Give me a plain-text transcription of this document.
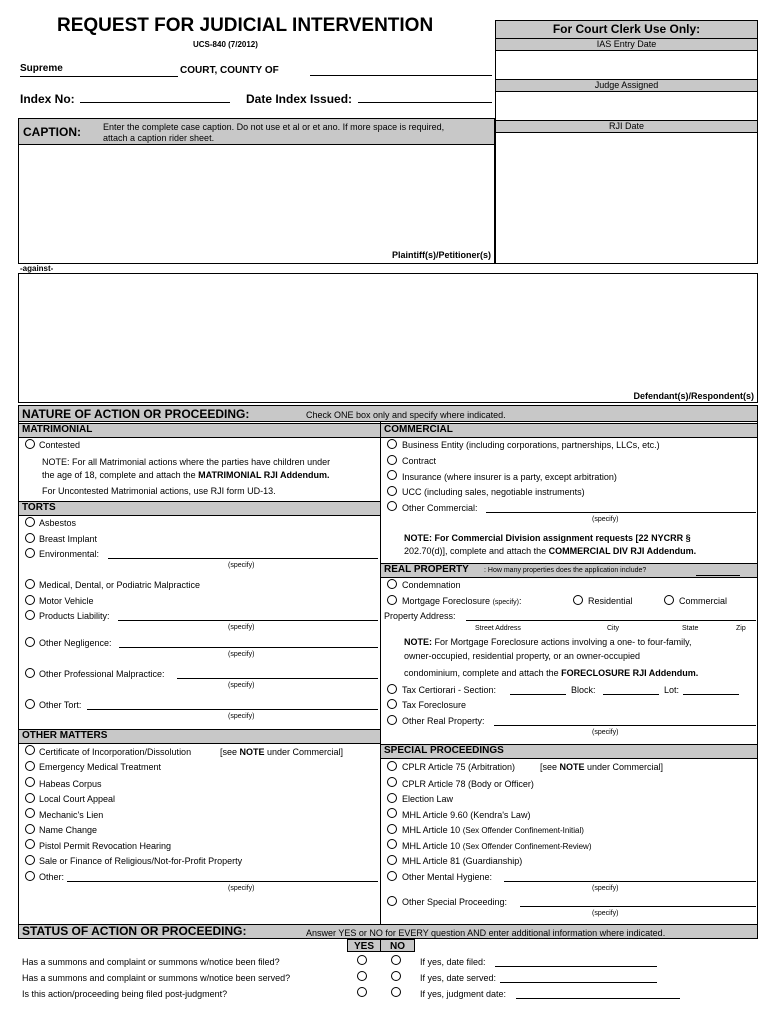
REQUEST FOR JUDICIAL INTERVENTION
UCS-840 (7/2012)
Supreme	COURT, COUNTY OF
Index No:	Date Index Issued:
For Court Clerk Use Only:
IAS Entry Date
Judge Assigned
RJI Date
CAPTION: Enter the complete case caption. Do not use et al or et ano. If more space is required,
attach a caption rider sheet.
Plaintiff(s)/Petitioner(s)
-against-
Defendant(s)/Respondent(s)
NATURE OF ACTION OR PROCEEDING:	Check ONE box only and specify where indicated.
MATRIMONIAL	COMMERCIAL
Contested
NOTE: For all Matrimonial actions where the parties have children under
the age of 18, complete and attach the MATRIMONIAL RJI Addendum.
For Uncontested Matrimonial actions, use RJI form UD-13.
TORTS
Asbestos
Breast Implant
Environmental:
(specify)
Medical, Dental, or Podiatric Malpractice
Motor Vehicle
Products Liability:
(specify)
Other Negligence:
(specify)
Other Professional Malpractice:
(specify)
Other Tort:
(specify)
OTHER MATTERS
Certificate of Incorporation/Dissolution	[see NOTE under Commercial]
Emergency Medical Treatment
Habeas Corpus
Local Court Appeal
Mechanic's Lien
Name Change
Pistol Permit Revocation Hearing
Sale or Finance of Religious/Not-for-Profit Property
Other:
(specify)
Business Entity (including corporations, partnerships, LLCs, etc.)
Contract
Insurance (where insurer is a party, except arbitration)
UCC (including sales, negotiable instruments)
Other Commercial:
(specify)
NOTE: For Commercial Division assignment requests [22 NYCRR §
202.70(d)], complete and attach the COMMERCIAL DIV RJI Addendum.
REAL PROPERTY : How many properties does the application include?
Condemnation
Mortgage Foreclosure (specify):	Residential	Commercial
Property Address:
Street Address	City	State	Zip
NOTE: For Mortgage Foreclosure actions involving a one- to four-family,
owner-occupied, residential property, or an owner-occupied
condominium, complete and attach the FORECLOSURE RJI Addendum.
Tax Certiorari - Section:	Block:	Lot:
Tax Foreclosure
Other Real Property:
(specify)
SPECIAL PROCEEDINGS
CPLR Article 75 (Arbitration)	[see NOTE under Commercial]
CPLR Article 78 (Body or Officer)
Election Law
MHL Article 9.60 (Kendra's Law)
MHL Article 10 (Sex Offender Confinement-Initial)
MHL Article 10 (Sex Offender Confinement-Review)
MHL Article 81 (Guardianship)
Other Mental Hygiene:
(specify)
Other Special Proceeding:
(specify)
STATUS OF ACTION OR PROCEEDING:	Answer YES or NO for EVERY question AND enter additional information where indicated.
YES	NO
Has a summons and complaint or summons w/notice been filed?	If yes, date filed:
Has a summons and complaint or summons w/notice been served?	If yes, date served:
Is this action/proceeding being filed post-judgment?	If yes, judgment date:
